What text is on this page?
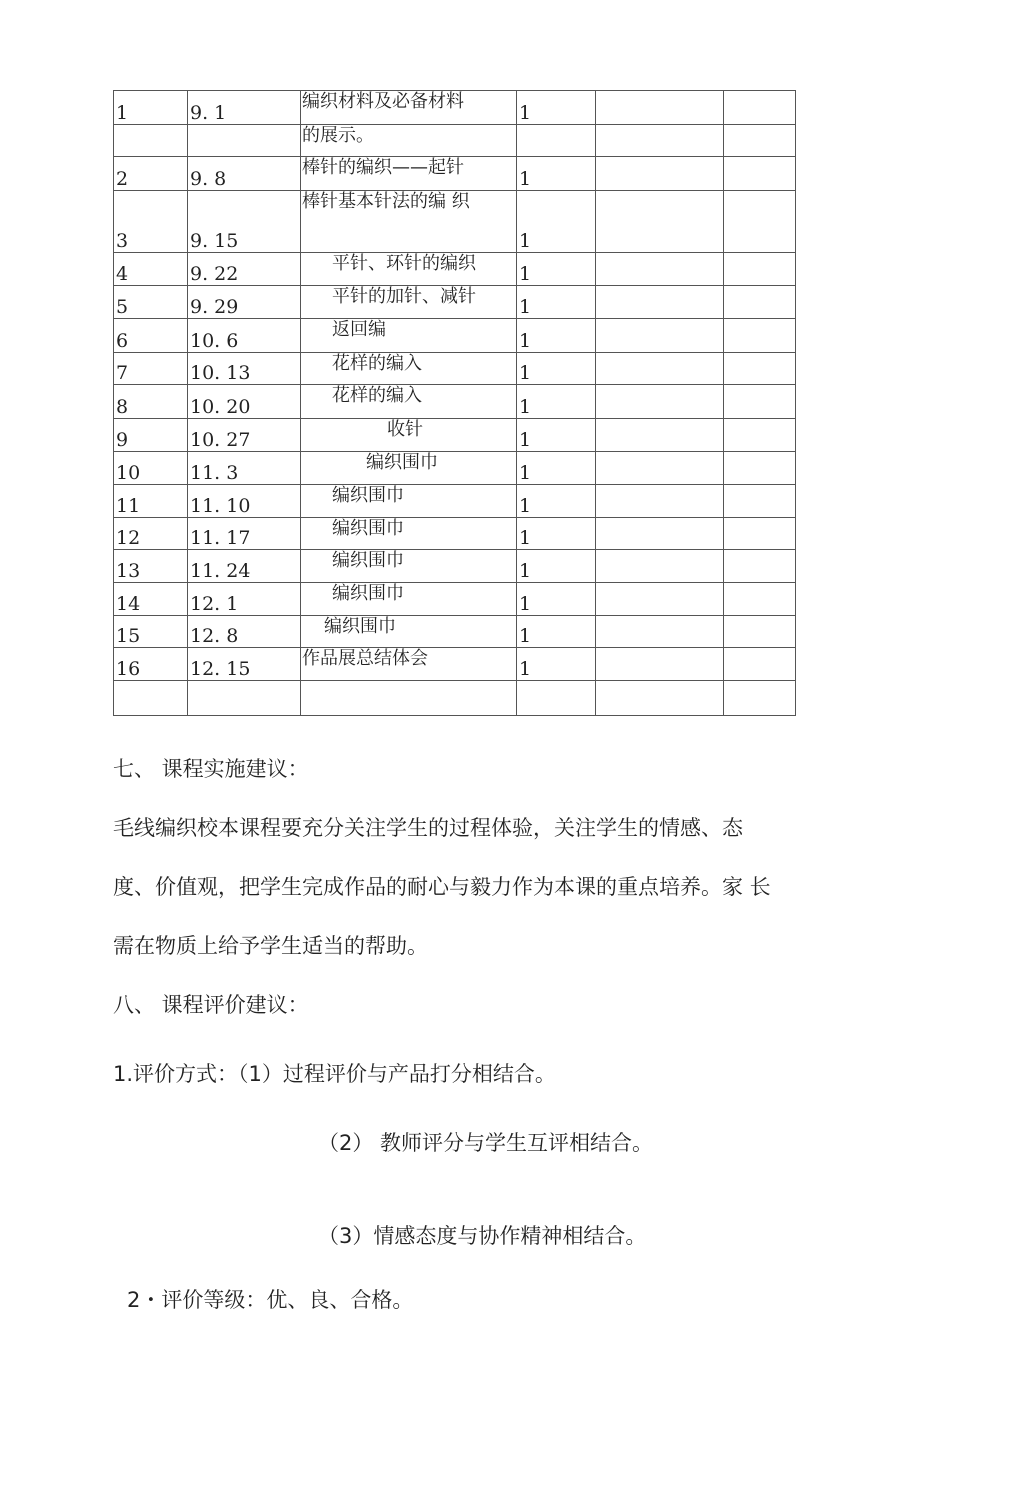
1	9. 1	编织材料及必备材料	1		
		的展示。			
2	9. 8	棒针的编织——起针	1		
3	9. 15	棒针基本针法的编 织	1		
4	9. 22	平针、环针的编织	1		
5	9. 29	平针的加针、减针	1		
6	10. 6	返回编	1		
7	10. 13	花样的编入	1		
8	10. 20	花样的编入	1		
9	10. 27	收针	1		
10	11. 3	编织围巾	1		
11	11. 10	编织围巾	1		
12	11. 17	编织围巾	1		
13	11. 24	编织围巾	1		
14	12. 1	编织围巾	1		
15	12. 8	编织围巾	1		
16	12. 15	作品展总结体会	1		

七、 课程实施建议：

毛线编织校本课程要充分关注学生的过程体验，关注学生的情感、态

度、价值观，把学生完成作品的耐心与毅力作为本课的重点培养。家 长

需在物质上给予学生适当的帮助。

八、 课程评价建议：

1.评价方式：（1）过程评价与产品打分相结合。

（2） 教师评分与学生互评相结合。

（3）情感态度与协作精神相结合。

2・评价等级：优、良、合格。
